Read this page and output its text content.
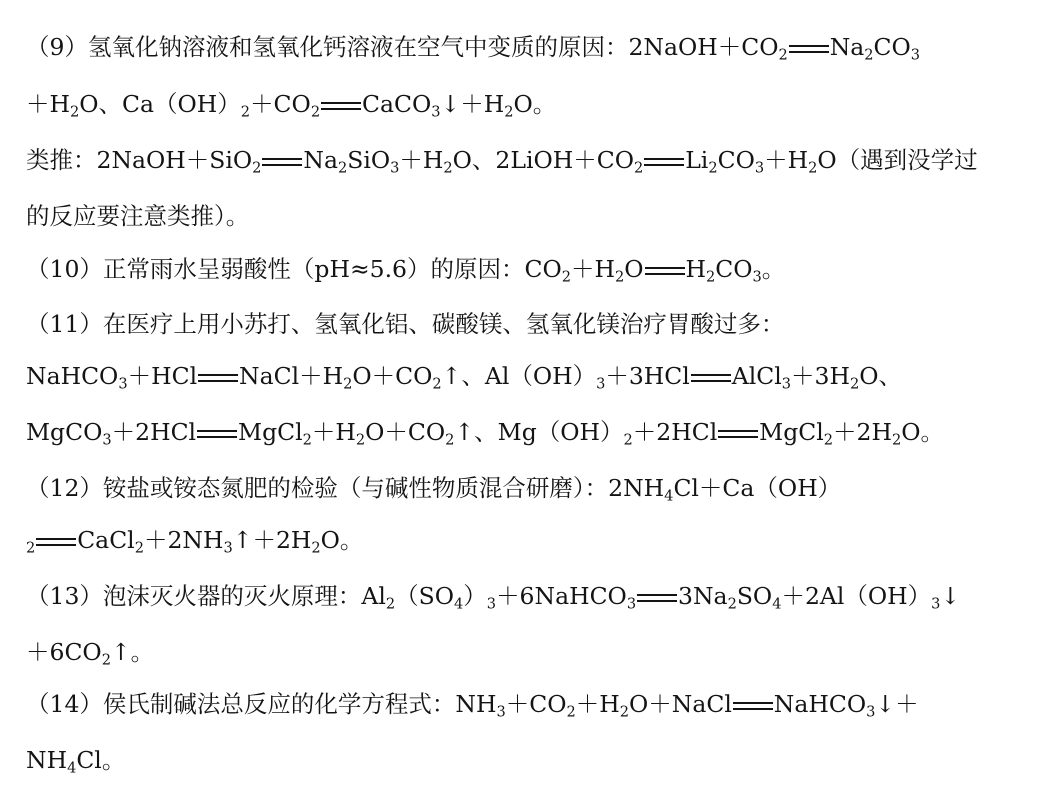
（9）氢氧化钠溶液和氢氧化钙溶液在空气中变质的原因：2NaOH＋CO2 Na2CO3
＋H2O、Ca（OH）2＋CO2 CaCO3↓＋H2O。
类推：2NaOH＋SiO2 Na2SiO3＋H2O、2LiOH＋CO2 Li2CO3＋H2O（遇到没学过
的反应要注意类推）。
（10）正常雨水呈弱酸性（pH≈5.6）的原因：CO2＋H2O H2CO3。
（11）在医疗上用小苏打、氢氧化铝、碳酸镁、氢氧化镁治疗胃酸过多：
NaHCO3＋HCl NaCl＋H2O＋CO2↑、Al（OH）3＋3HCl AlCl3＋3H2O、
MgCO3＋2HCl MgCl2＋H2O＋CO2↑、Mg（OH）2＋2HCl MgCl2＋2H2O。
（12）铵盐或铵态氮肥的检验（与碱性物质混合研磨）：2NH4Cl＋Ca（OH）
2 CaCl2＋2NH3↑＋2H2O。
（13）泡沫灭火器的灭火原理：Al2（SO4）3＋6NaHCO3 3Na2SO4＋2Al（OH）3↓
＋6CO2↑。
（14）侯氏制碱法总反应的化学方程式：NH3＋CO2＋H2O＋NaCl NaHCO3↓＋
NH4Cl。
